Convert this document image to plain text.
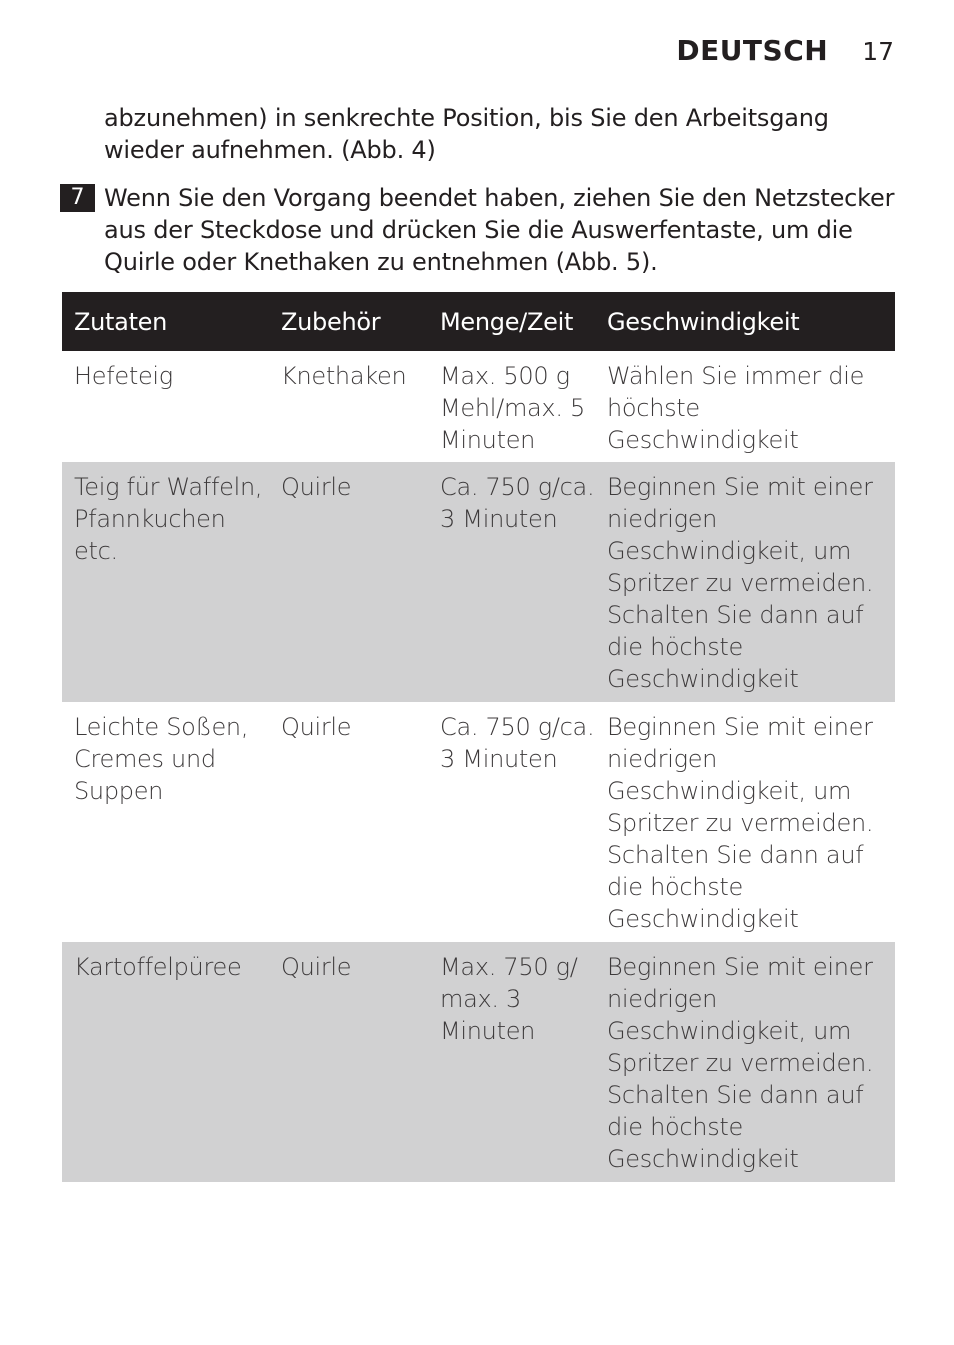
DEUTSCH 17
abzunehmen) in senkrechte Position, bis Sie den Arbeitsgang wieder aufnehmen. (Abb. 4)
7 Wenn Sie den Vorgang beendet haben, ziehen Sie den Netzstecker aus der Steckdose und drücken Sie die Auswerfentaste, um die Quirle oder Knethaken zu entnehmen (Abb. 5).
Zutaten	Zubehör	Menge/Zeit	Geschwindigkeit
Hefeteig	Knethaken	Max. 500 g Mehl/max. 5 Minuten	Wählen Sie immer die höchste Geschwindigkeit
Teig für Waffeln, Pfannkuchen etc.	Quirle	Ca. 750 g/ca. 3 Minuten	Beginnen Sie mit einer niedrigen Geschwindigkeit, um Spritzer zu vermeiden. Schalten Sie dann auf die höchste Geschwindigkeit
Leichte Soßen, Cremes und Suppen	Quirle	Ca. 750 g/ca. 3 Minuten	Beginnen Sie mit einer niedrigen Geschwindigkeit, um Spritzer zu vermeiden. Schalten Sie dann auf die höchste Geschwindigkeit
Kartoffelpüree	Quirle	Max. 750 g/ max. 3 Minuten	Beginnen Sie mit einer niedrigen Geschwindigkeit, um Spritzer zu vermeiden. Schalten Sie dann auf die höchste Geschwindigkeit
